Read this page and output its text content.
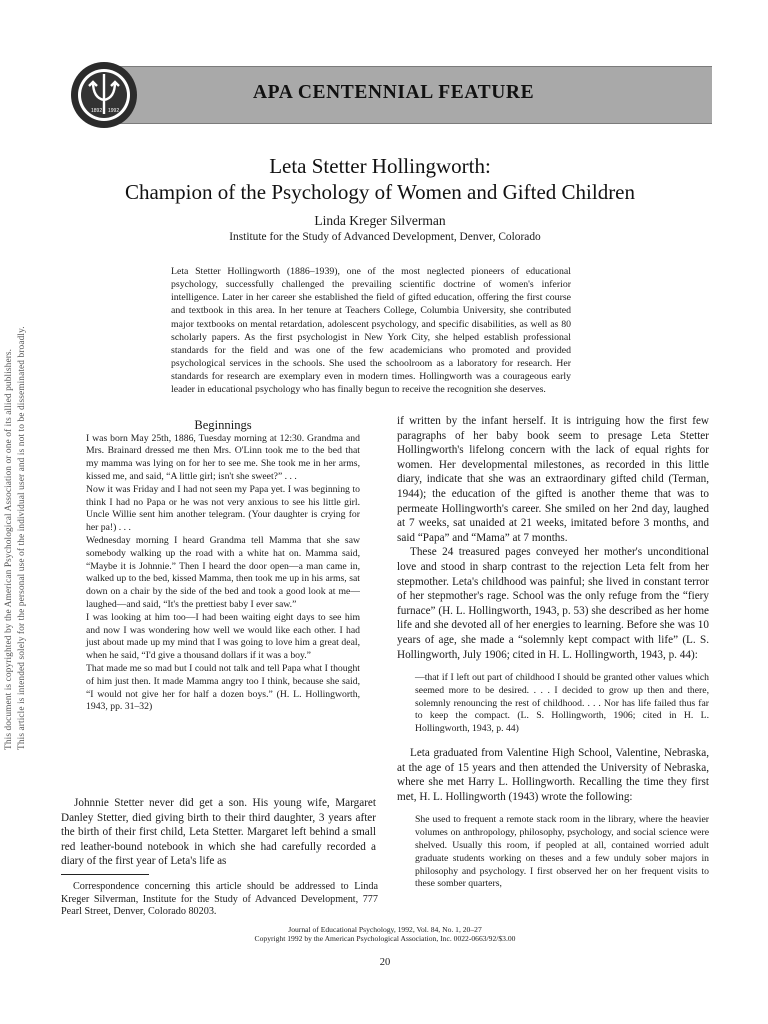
This document is copyrighted by the American Psychological Association or one of its allied publishers. This article is intended solely for the personal use of the individual user and is not to be disseminated broadly.
APA CENTENNIAL FEATURE
1892 1992
Leta Stetter Hollingworth:
Champion of the Psychology of Women and Gifted Children
Linda Kreger Silverman
Institute for the Study of Advanced Development, Denver, Colorado

Leta Stetter Hollingworth (1886–1939), one of the most neglected pioneers of educational psychology, successfully challenged the prevailing scientific doctrine of women's inferior intelligence. Later in her career she established the field of gifted education, offering the first course and textbook in this area. In her tenure at Teachers College, Columbia University, she contributed major textbooks on mental retardation, adolescent psychology, and specific disabilities, as well as 80 scholarly papers. As the first psychologist in New York City, she helped establish professional standards for the field and was one of the few academicians who promoted and provided psychological services in the schools. She used the schoolroom as a laboratory for research. Her standards for research are exemplary even in modern times. Hollingworth was a courageous early leader in educational psychology who has finally begun to receive the recognition she deserves.

Beginnings

I was born May 25th, 1886, Tuesday morning at 12:30. Grandma and Mrs. Brainard dressed me then Mrs. O'Linn took me to the bed that my mamma was lying on for her to see me. She took me in her arms, kissed me, and said, “A little girl; isn't she sweet?” . . .

Now it was Friday and I had not seen my Papa yet. I was beginning to think I had no Papa or he was not very anxious to see his little girl. Uncle Willie sent him another telegram. (Your daughter is crying for her pa!) . . .

Wednesday morning I heard Grandma tell Mamma that she saw somebody walking up the road with a white hat on. Mamma said, “Maybe it is Johnnie.” Then I heard the door open—a man came in, walked up to the bed, kissed Mamma, then took me up in his arms, sat down on a chair by the side of the bed and took a good look at me—laughed—and said, “It's the prettiest baby I ever saw.”

I was looking at him too—I had been waiting eight days to see him and now I was wondering how well we would like each other. I had just about made up my mind that I was going to love him a great deal, when he said, “I'd give a thousand dollars if it was a boy.”

That made me so mad but I could not talk and tell Papa what I thought of him just then. It made Mamma angry too I think, because she said, “I would not give her for half a dozen boys.” (H. L. Hollingworth, 1943, pp. 31–32)

Johnnie Stetter never did get a son. His young wife, Margaret Danley Stetter, died giving birth to their third daughter, 3 years after the birth of their first child, Leta Stetter. Margaret left behind a small red leather-bound notebook in which she had carefully recorded a diary of the first year of Leta's life as

Correspondence concerning this article should be addressed to Linda Kreger Silverman, Institute for the Study of Advanced Development, 777 Pearl Street, Denver, Colorado 80203.

if written by the infant herself. It is intriguing how the first few paragraphs of her baby book seem to presage Leta Stetter Hollingworth's lifelong concern with the lack of equal rights for women. Her developmental milestones, as recorded in this little diary, indicate that she was an extraordinary gifted child (Terman, 1944); the education of the gifted is another theme that was to permeate Hollingworth's career. She smiled on her 2nd day, laughed at 7 weeks, sat unaided at 21 weeks, imitated before 3 months, and said “Papa” and “Mama” at 7 months.

These 24 treasured pages conveyed her mother's unconditional love and stood in sharp contrast to the rejection Leta felt from her stepmother. Leta's childhood was painful; she lived in constant terror of her stepmother's rage. School was the only refuge from the “fiery furnace” (H. L. Hollingworth, 1943, p. 53) she described as her home life and she devoted all of her energies to learning. Before she was 10 years of age, she made a “solemnly kept compact with life” (L. S. Hollingworth, July 1906; cited in H. L. Hollingworth, 1943, p. 44):

—that if I left out part of childhood I should be granted other values which seemed more to be desired. . . . I decided to grow up then and there, solemnly renouncing the rest of childhood. . . . Nor has life failed thus far to keep the compact. (L. S. Hollingworth, 1906; cited in H. L. Hollingworth, 1943, p. 44)

Leta graduated from Valentine High School, Valentine, Nebraska, at the age of 15 years and then attended the University of Nebraska, where she met Harry L. Hollingworth. Recalling the time they first met, H. L. Hollingworth (1943) wrote the following:

She used to frequent a remote stack room in the library, where the heavier volumes on anthropology, philosophy, psychology, and social science were shelved. Usually this room, if peopled at all, contained worried adult graduate students working on theses and a few unduly sober majors in philosophy and psychology. I first observed her on her frequent visits to these somber quarters,

Journal of Educational Psychology, 1992, Vol. 84, No. 1, 20–27
Copyright 1992 by the American Psychological Association, Inc. 0022-0663/92/$3.00
20
